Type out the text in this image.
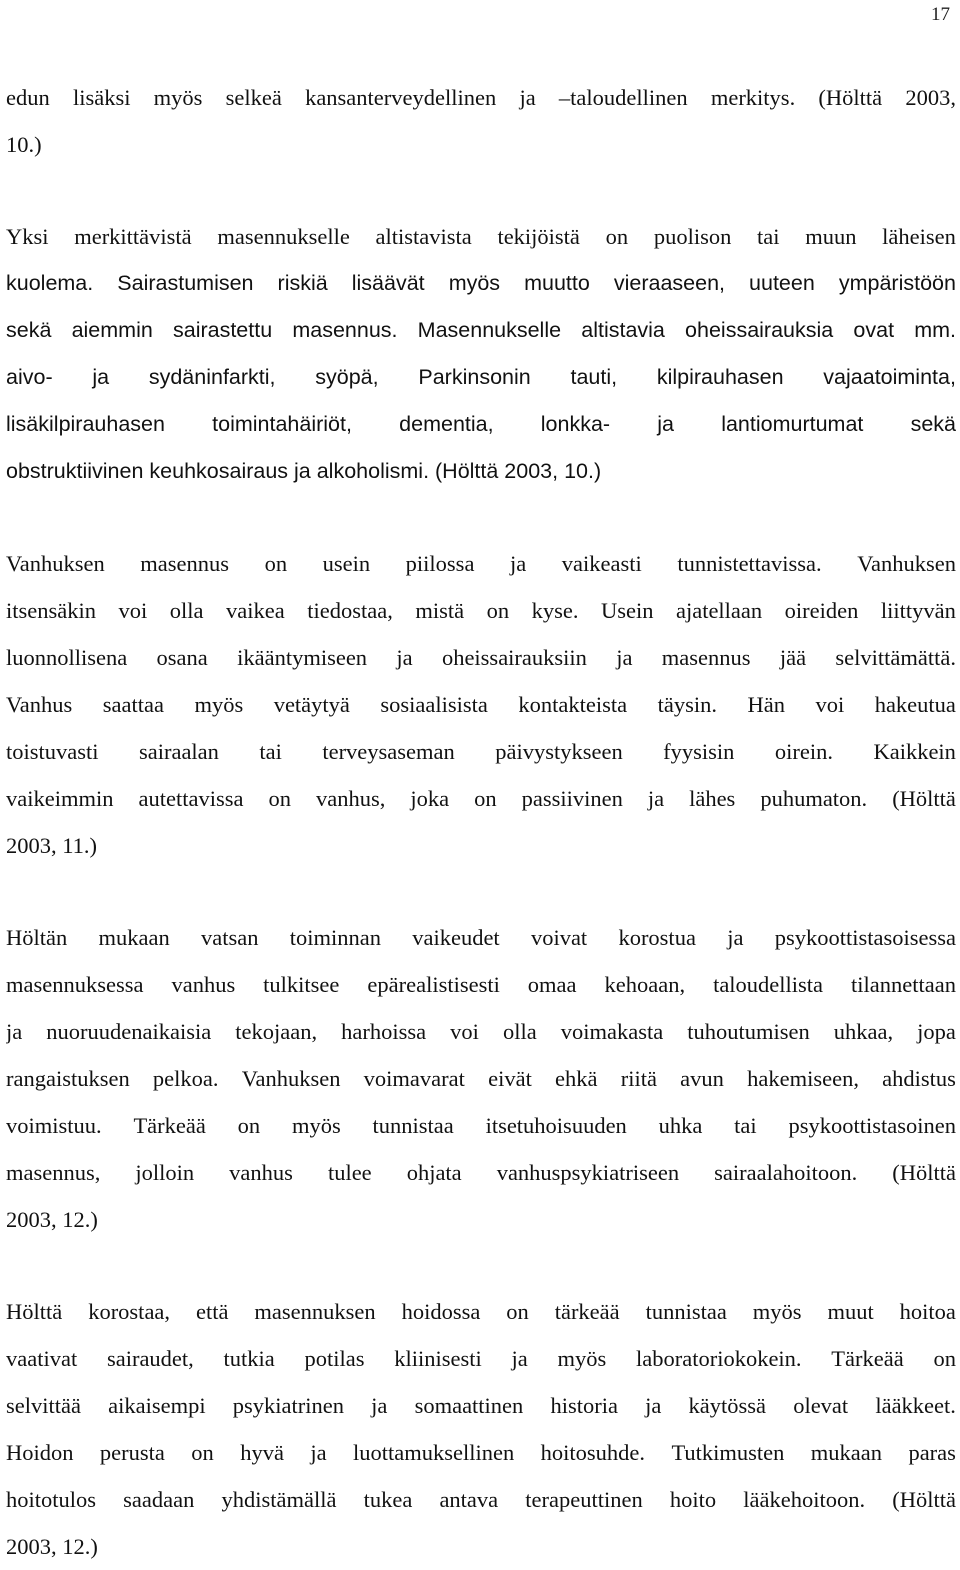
17
edun lisäksi myös selkeä kansanterveydellinen ja –taloudellinen merkitys. (Hölttä 2003,
10.)
Yksi merkittävistä masennukselle altistavista tekijöistä on puolison tai muun läheisen
kuolema. Sairastumisen riskiä lisäävät myös muutto vieraaseen, uuteen ympäristöön
sekä aiemmin sairastettu masennus. Masennukselle altistavia oheissairauksia ovat mm.
aivo- ja sydäninfarkti, syöpä, Parkinsonin tauti, kilpirauhasen vajaatoiminta,
lisäkilpirauhasen toimintahäiriöt, dementia, lonkka- ja lantiomurtumat sekä
obstruktiivinen keuhkosairaus ja alkoholismi. (Hölttä 2003, 10.)
Vanhuksen masennus on usein piilossa ja vaikeasti tunnistettavissa. Vanhuksen
itsensäkin voi olla vaikea tiedostaa, mistä on kyse. Usein ajatellaan oireiden liittyvän
luonnollisena osana ikääntymiseen ja oheissairauksiin ja masennus jää selvittämättä.
Vanhus saattaa myös vetäytyä sosiaalisista kontakteista täysin. Hän voi hakeutua
toistuvasti sairaalan tai terveysaseman päivystykseen fyysisin oirein. Kaikkein
vaikeimmin autettavissa on vanhus, joka on passiivinen ja lähes puhumaton. (Hölttä
2003, 11.)
Höltän mukaan vatsan toiminnan vaikeudet voivat korostua ja psykoottistasoisessa
masennuksessa vanhus tulkitsee epärealistisesti omaa kehoaan, taloudellista tilannettaan
ja nuoruudenaikaisia tekojaan, harhoissa voi olla voimakasta tuhoutumisen uhkaa, jopa
rangaistuksen pelkoa. Vanhuksen voimavarat eivät ehkä riitä avun hakemiseen, ahdistus
voimistuu. Tärkeää on myös tunnistaa itsetuhoisuuden uhka tai psykoottistasoinen
masennus, jolloin vanhus tulee ohjata vanhuspsykiatriseen sairaalahoitoon. (Hölttä
2003, 12.)
Hölttä korostaa, että masennuksen hoidossa on tärkeää tunnistaa myös muut hoitoa
vaativat sairaudet, tutkia potilas kliinisesti ja myös laboratoriokokein. Tärkeää on
selvittää aikaisempi psykiatrinen ja somaattinen historia ja käytössä olevat lääkkeet.
Hoidon perusta on hyvä ja luottamuksellinen hoitosuhde. Tutkimusten mukaan paras
hoitotulos saadaan yhdistämällä tukea antava terapeuttinen hoito lääkehoitoon. (Hölttä
2003, 12.)
